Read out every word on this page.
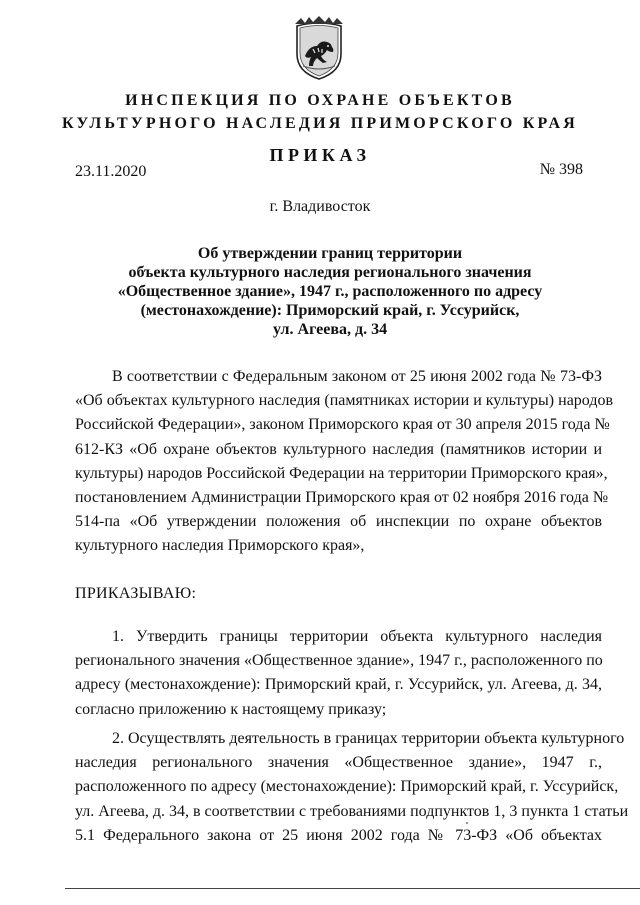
ИНСПЕКЦИЯ ПО ОХРАНЕ ОБЪЕКТОВ
КУЛЬТУРНОГО НАСЛЕДИЯ ПРИМОРСКОГО КРАЯ
ПРИКАЗ
23.11.2020	№ 398
г. Владивосток
Об утверждении границ территории
объекта культурного наследия регионального значения
«Общественное здание», 1947 г., расположенного по адресу
(местонахождение): Приморский край, г. Уссурийск,
ул. Агеева, д. 34
В соответствии с Федеральным законом от 25 июня 2002 года № 73-ФЗ
«Об объектах культурного наследия (памятниках истории и культуры) народов
Российской Федерации», законом Приморского края от 30 апреля 2015 года №
612-КЗ «Об охране объектов культурного наследия (памятников истории и
культуры) народов Российской Федерации на территории Приморского края»,
постановлением Администрации Приморского края от 02 ноября 2016 года №
514-па «Об утверждении положения об инспекции по охране объектов
культурного наследия Приморского края»,
ПРИКАЗЫВАЮ:
1. Утвердить границы территории объекта культурного наследия
регионального значения «Общественное здание», 1947 г., расположенного по
адресу (местонахождение): Приморский край, г. Уссурийск, ул. Агеева, д. 34,
согласно приложению к настоящему приказу;
2. Осуществлять деятельность в границах территории объекта культурного
наследия регионального значения «Общественное здание», 1947 г.,
расположенного по адресу (местонахождение): Приморский край, г. Уссурийск,
ул. Агеева, д. 34, в соответствии с требованиями подпунктов 1, 3 пункта 1 статьи
5.1 Федерального закона от 25 июня 2002 года № 73-ФЗ «Об объектах
